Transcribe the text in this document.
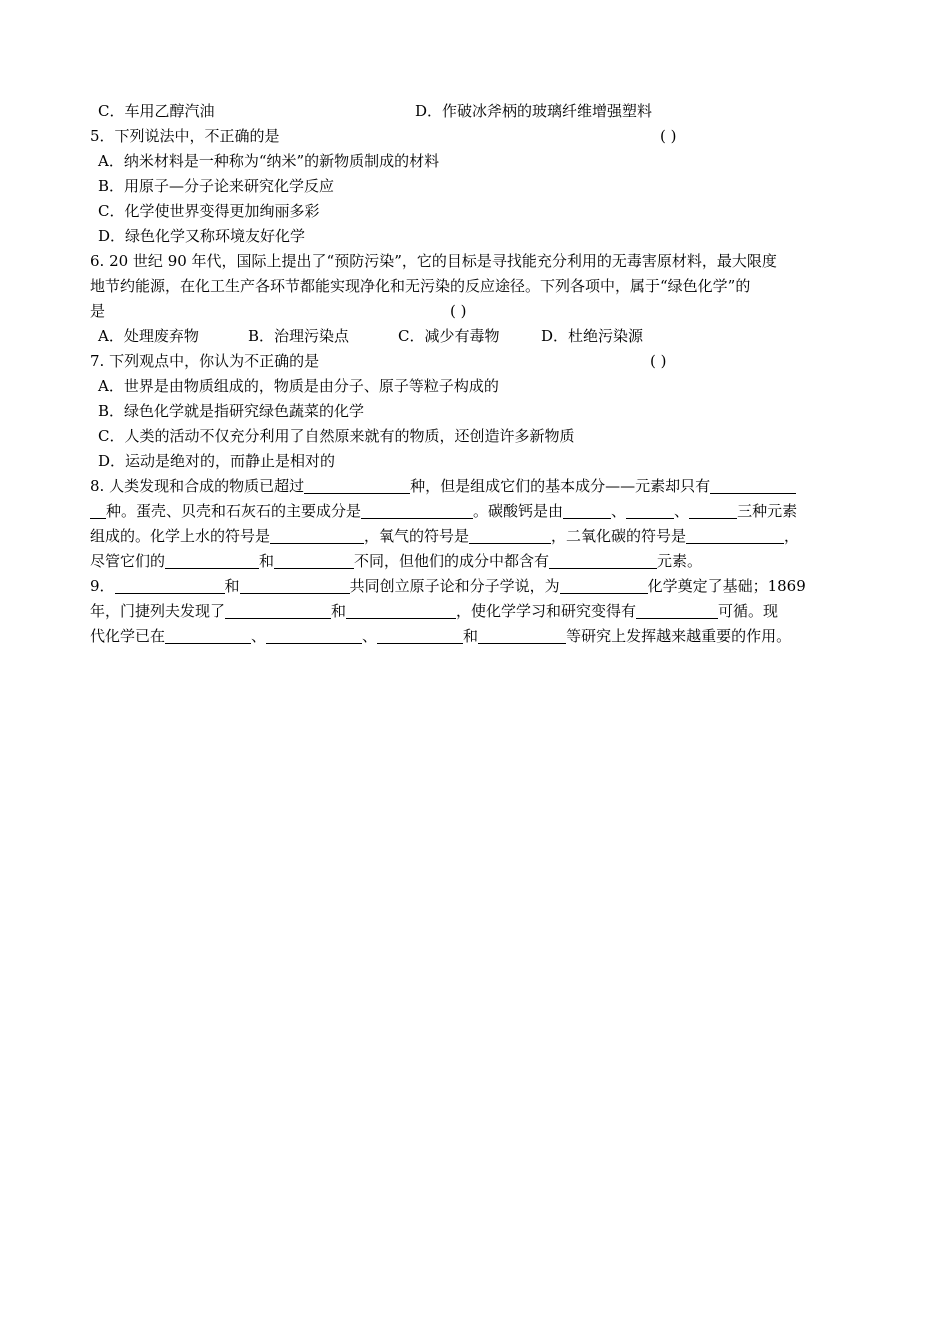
C．车用乙醇汽油	D．作破冰斧柄的玻璃纤维增强塑料
5．下列说法中，不正确的是	( )
A．纳米材料是一种称为“纳米”的新物质制成的材料
B．用原子—分子论来研究化学反应
C．化学使世界变得更加绚丽多彩
D．绿色化学又称环境友好化学
6. 20 世纪 90 年代，国际上提出了“预防污染”，它的目标是寻找能充分利用的无毒害原材料，最大限度
地节约能源，在化工生产各环节都能实现净化和无污染的反应途径。下列各项中，属于“绿色化学”的
是	( )
A．处理废弃物	B．治理污染点	C．减少有毒物	D．杜绝污染源
7. 下列观点中，你认为不正确的是	( )
A．世界是由物质组成的，物质是由分子、原子等粒子构成的
B．绿色化学就是指研究绿色蔬菜的化学
C．人类的活动不仅充分利用了自然原来就有的物质，还创造许多新物质
D．运动是绝对的，而静止是相对的
8. 人类发现和合成的物质已超过	种，但是组成它们的基本成分——元素却只有
种。蛋壳、贝壳和石灰石的主要成分是	。碳酸钙是由	、	、	三种元素
组成的。化学上水的符号是	，氧气的符号是	，二氧化碳的符号是	，
尽管它们的	和	不同，但他们的成分中都含有	元素。
9．	和	共同创立原子论和分子学说，为	化学奠定了基础；1869
年，门捷列夫发现了	和	，使化学学习和研究变得有	可循。现
代化学已在	、	、	和	等研究上发挥越来越重要的作用。
